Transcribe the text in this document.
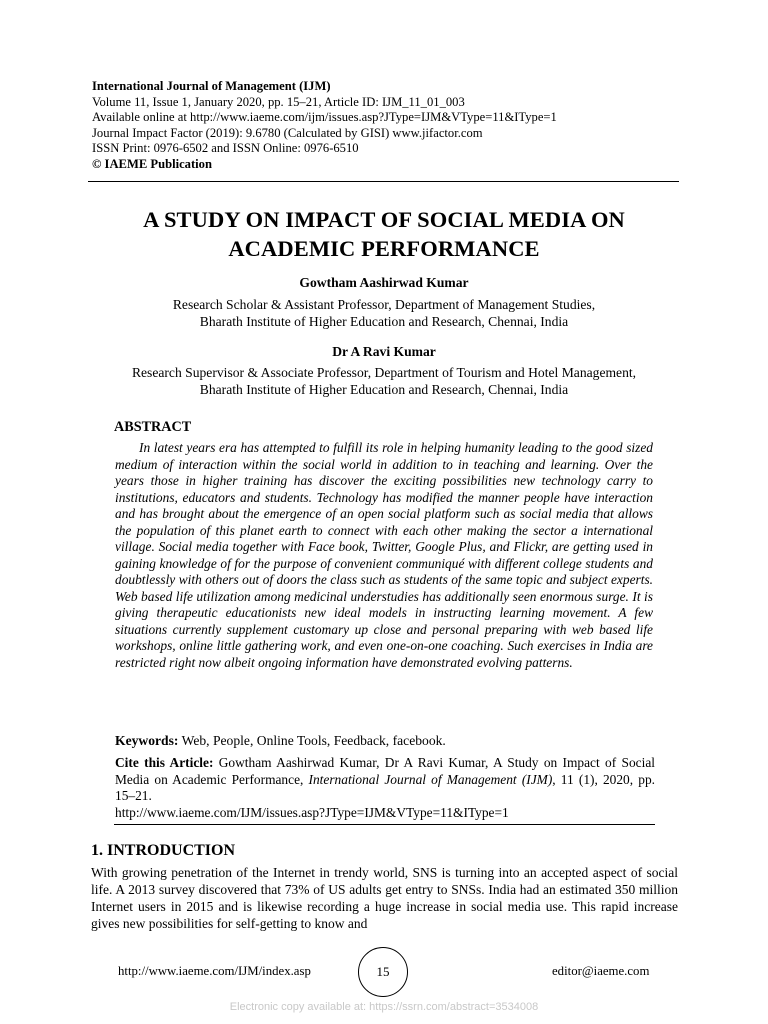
International Journal of Management (IJM)
Volume 11, Issue 1, January 2020, pp. 15–21, Article ID: IJM_11_01_003
Available online at http://www.iaeme.com/ijm/issues.asp?JType=IJM&VType=11&IType=1
Journal Impact Factor (2019): 9.6780 (Calculated by GISI) www.jifactor.com
ISSN Print: 0976-6502 and ISSN Online: 0976-6510
© IAEME Publication
A STUDY ON IMPACT OF SOCIAL MEDIA ON
ACADEMIC PERFORMANCE
Gowtham Aashirwad Kumar
Research Scholar & Assistant Professor, Department of Management Studies,
Bharath Institute of Higher Education and Research, Chennai, India
Dr A Ravi Kumar
Research Supervisor & Associate Professor, Department of Tourism and Hotel Management,
Bharath Institute of Higher Education and Research, Chennai, India
ABSTRACT
In latest years era has attempted to fulfill its role in helping humanity leading to the good sized medium of interaction within the social world in addition to in teaching and learning. Over the years those in higher training has discover the exciting possibilities new technology carry to institutions, educators and students. Technology has modified the manner people have interaction and has brought about the emergence of an open social platform such as social media that allows the population of this planet earth to connect with each other making the sector a international village. Social media together with Face book, Twitter, Google Plus, and Flickr, are getting used in gaining knowledge of for the purpose of convenient communiqué with different college students and doubtlessly with others out of doors the class such as students of the same topic and subject experts. Web based life utilization among medicinal understudies has additionally seen enormous surge. It is giving therapeutic educationists new ideal models in instructing learning movement. A few situations currently supplement customary up close and personal preparing with web based life workshops, online little gathering work, and even one-on-one coaching. Such exercises in India are restricted right now albeit ongoing information have demonstrated evolving patterns.
Keywords: Web, People, Online Tools, Feedback, facebook.
Cite this Article: Gowtham Aashirwad Kumar, Dr A Ravi Kumar, A Study on Impact of Social Media on Academic Performance, International Journal of Management (IJM), 11 (1), 2020, pp. 15–21.
http://www.iaeme.com/IJM/issues.asp?JType=IJM&VType=11&IType=1
1. INTRODUCTION
With growing penetration of the Internet in trendy world, SNS is turning into an accepted aspect of social life. A 2013 survey discovered that 73% of US adults get entry to SNSs. India had an estimated 350 million Internet users in 2015 and is likewise recording a huge increase in social media use. This rapid increase gives new possibilities for self-getting to know and
http://www.iaeme.com/IJM/index.asp	15	editor@iaeme.com
Electronic copy available at: https://ssrn.com/abstract=3534008
